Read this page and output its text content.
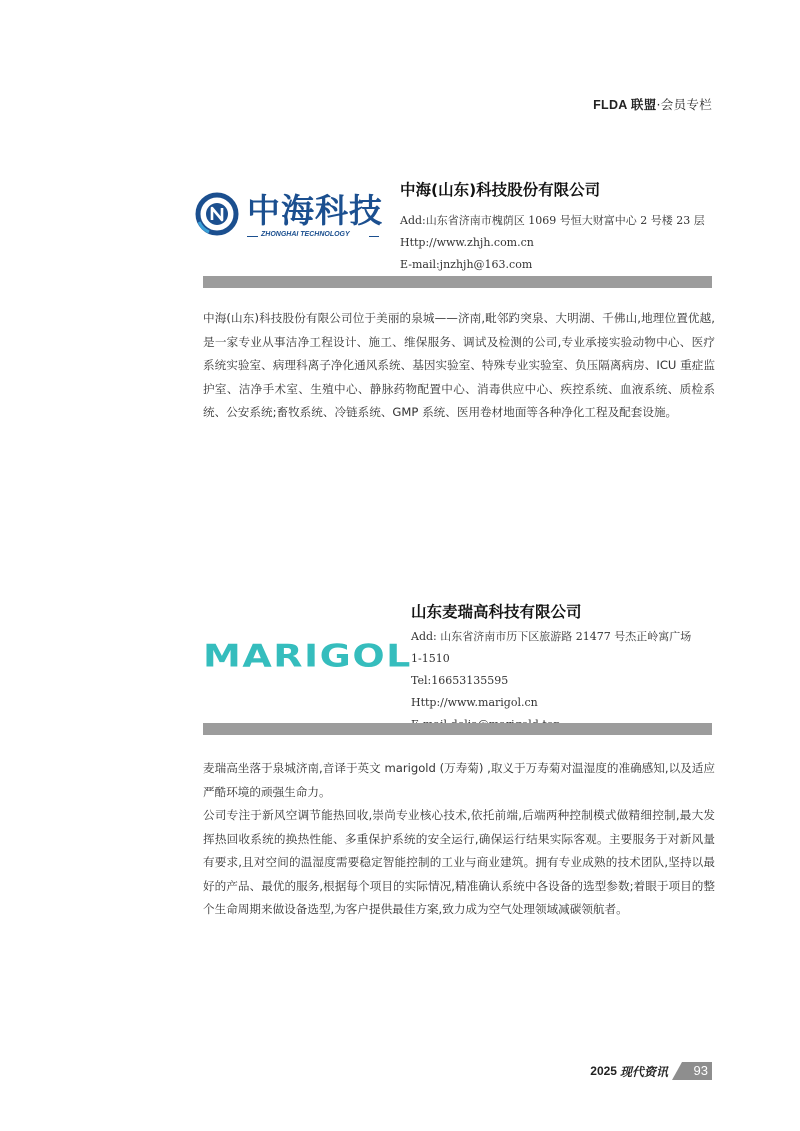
FLDA 联盟·会员专栏
中海科技
ZHONGHAI TECHNOLOGY
中海(山东)科技股份有限公司
Add:山东省济南市槐荫区 1069 号恒大财富中心 2 号楼 23 层
Http://www.zhjh.com.cn
E-mail:jnzhjh@163.com

中海(山东)科技股份有限公司位于美丽的泉城——济南,毗邻趵突泉、大明湖、千佛山,地理位置优越,是一家专业从事洁净工程设计、施工、维保服务、调试及检测的公司,专业承接实验动物中心、医疗系统实验室、病理科离子净化通风系统、基因实验室、特殊专业实验室、负压隔离病房、ICU 重症监护室、洁净手术室、生殖中心、静脉药物配置中心、消毒供应中心、疾控系统、血液系统、质检系统、公安系统;畜牧系统、冷链系统、GMP 系统、医用卷材地面等各种净化工程及配套设施。

MARIGOL
山东麦瑞高科技有限公司
Add: 山东省济南市历下区旅游路 21477 号杰正岭寓广场
1-1510
Tel:16653135595
Http://www.marigol.cn

麦瑞高坐落于泉城济南,音译于英文 marigold (万寿菊) ,取义于万寿菊对温湿度的准确感知,以及适应严酷环境的顽强生命力。

公司专注于新风空调节能热回收,崇尚专业核心技术,依托前端,后端两种控制模式做精细控制,最大发挥热回收系统的换热性能、多重保护系统的安全运行,确保运行结果实际客观。主要服务于对新风量有要求,且对空间的温湿度需要稳定智能控制的工业与商业建筑。拥有专业成熟的技术团队,坚持以最好的产品、最优的服务,根据每个项目的实际情况,精准确认系统中各设备的选型参数;着眼于项目的整个生命周期来做设备选型,为客户提供最佳方案,致力成为空气处理领域减碳领航者。

2025 现代资讯 93
